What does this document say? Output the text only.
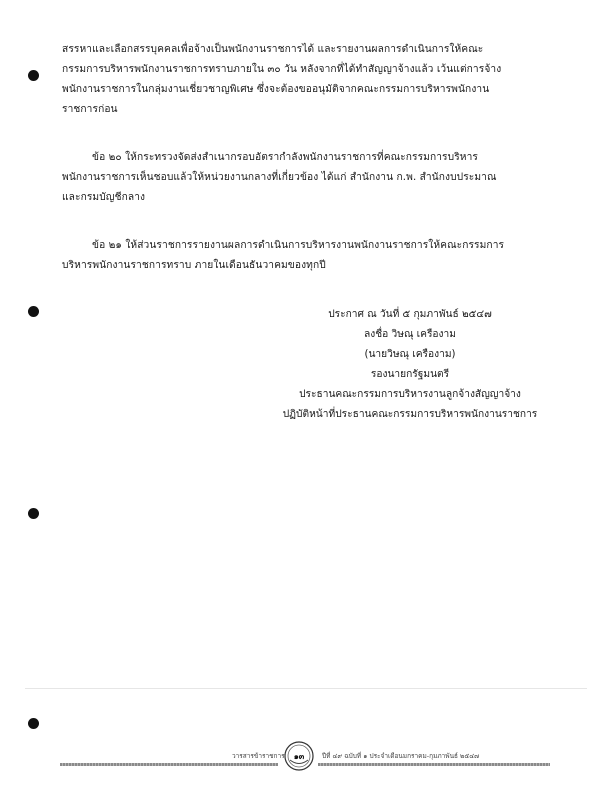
สรรหาและเลือกสรรบุคคลเพื่อจ้างเป็นพนักงานราชการได้ และรายงานผลการดำเนินการให้คณะ
กรรมการบริหารพนักงานราชการทราบภายใน ๓๐ วัน หลังจากที่ได้ทำสัญญาจ้างแล้ว เว้นแต่การจ้าง
พนักงานราชการในกลุ่มงานเชี่ยวชาญพิเศษ ซึ่งจะต้องขออนุมัติจากคณะกรรมการบริหารพนักงาน
ราชการก่อน
ข้อ ๒๐ ให้กระทรวงจัดส่งสำเนากรอบอัตรากำลังพนักงานราชการที่คณะกรรมการบริหาร
พนักงานราชการเห็นชอบแล้วให้หน่วยงานกลางที่เกี่ยวข้อง ได้แก่ สำนักงาน ก.พ. สำนักงบประมาณ
และกรมบัญชีกลาง
ข้อ ๒๑ ให้ส่วนราชการรายงานผลการดำเนินการบริหารงานพนักงานราชการให้คณะกรรมการ
บริหารพนักงานราชการทราบ ภายในเดือนธันวาคมของทุกปี
ประกาศ ณ วันที่ ๕ กุมภาพันธ์ ๒๕๔๗
ลงชื่อ วิษณุ เครืองาม
(นายวิษณุ เครืองาม)
รองนายกรัฐมนตรี
ประธานคณะกรรมการบริหารงานลูกจ้างสัญญาจ้าง
ปฏิบัติหน้าที่ประธานคณะกรรมการบริหารพนักงานราชการ
วารสารข้าราชการ	๑๓	ปีที่ ๔๙ ฉบับที่ ๑ ประจำเดือนมกราคม-กุมภาพันธ์ ๒๕๔๗
